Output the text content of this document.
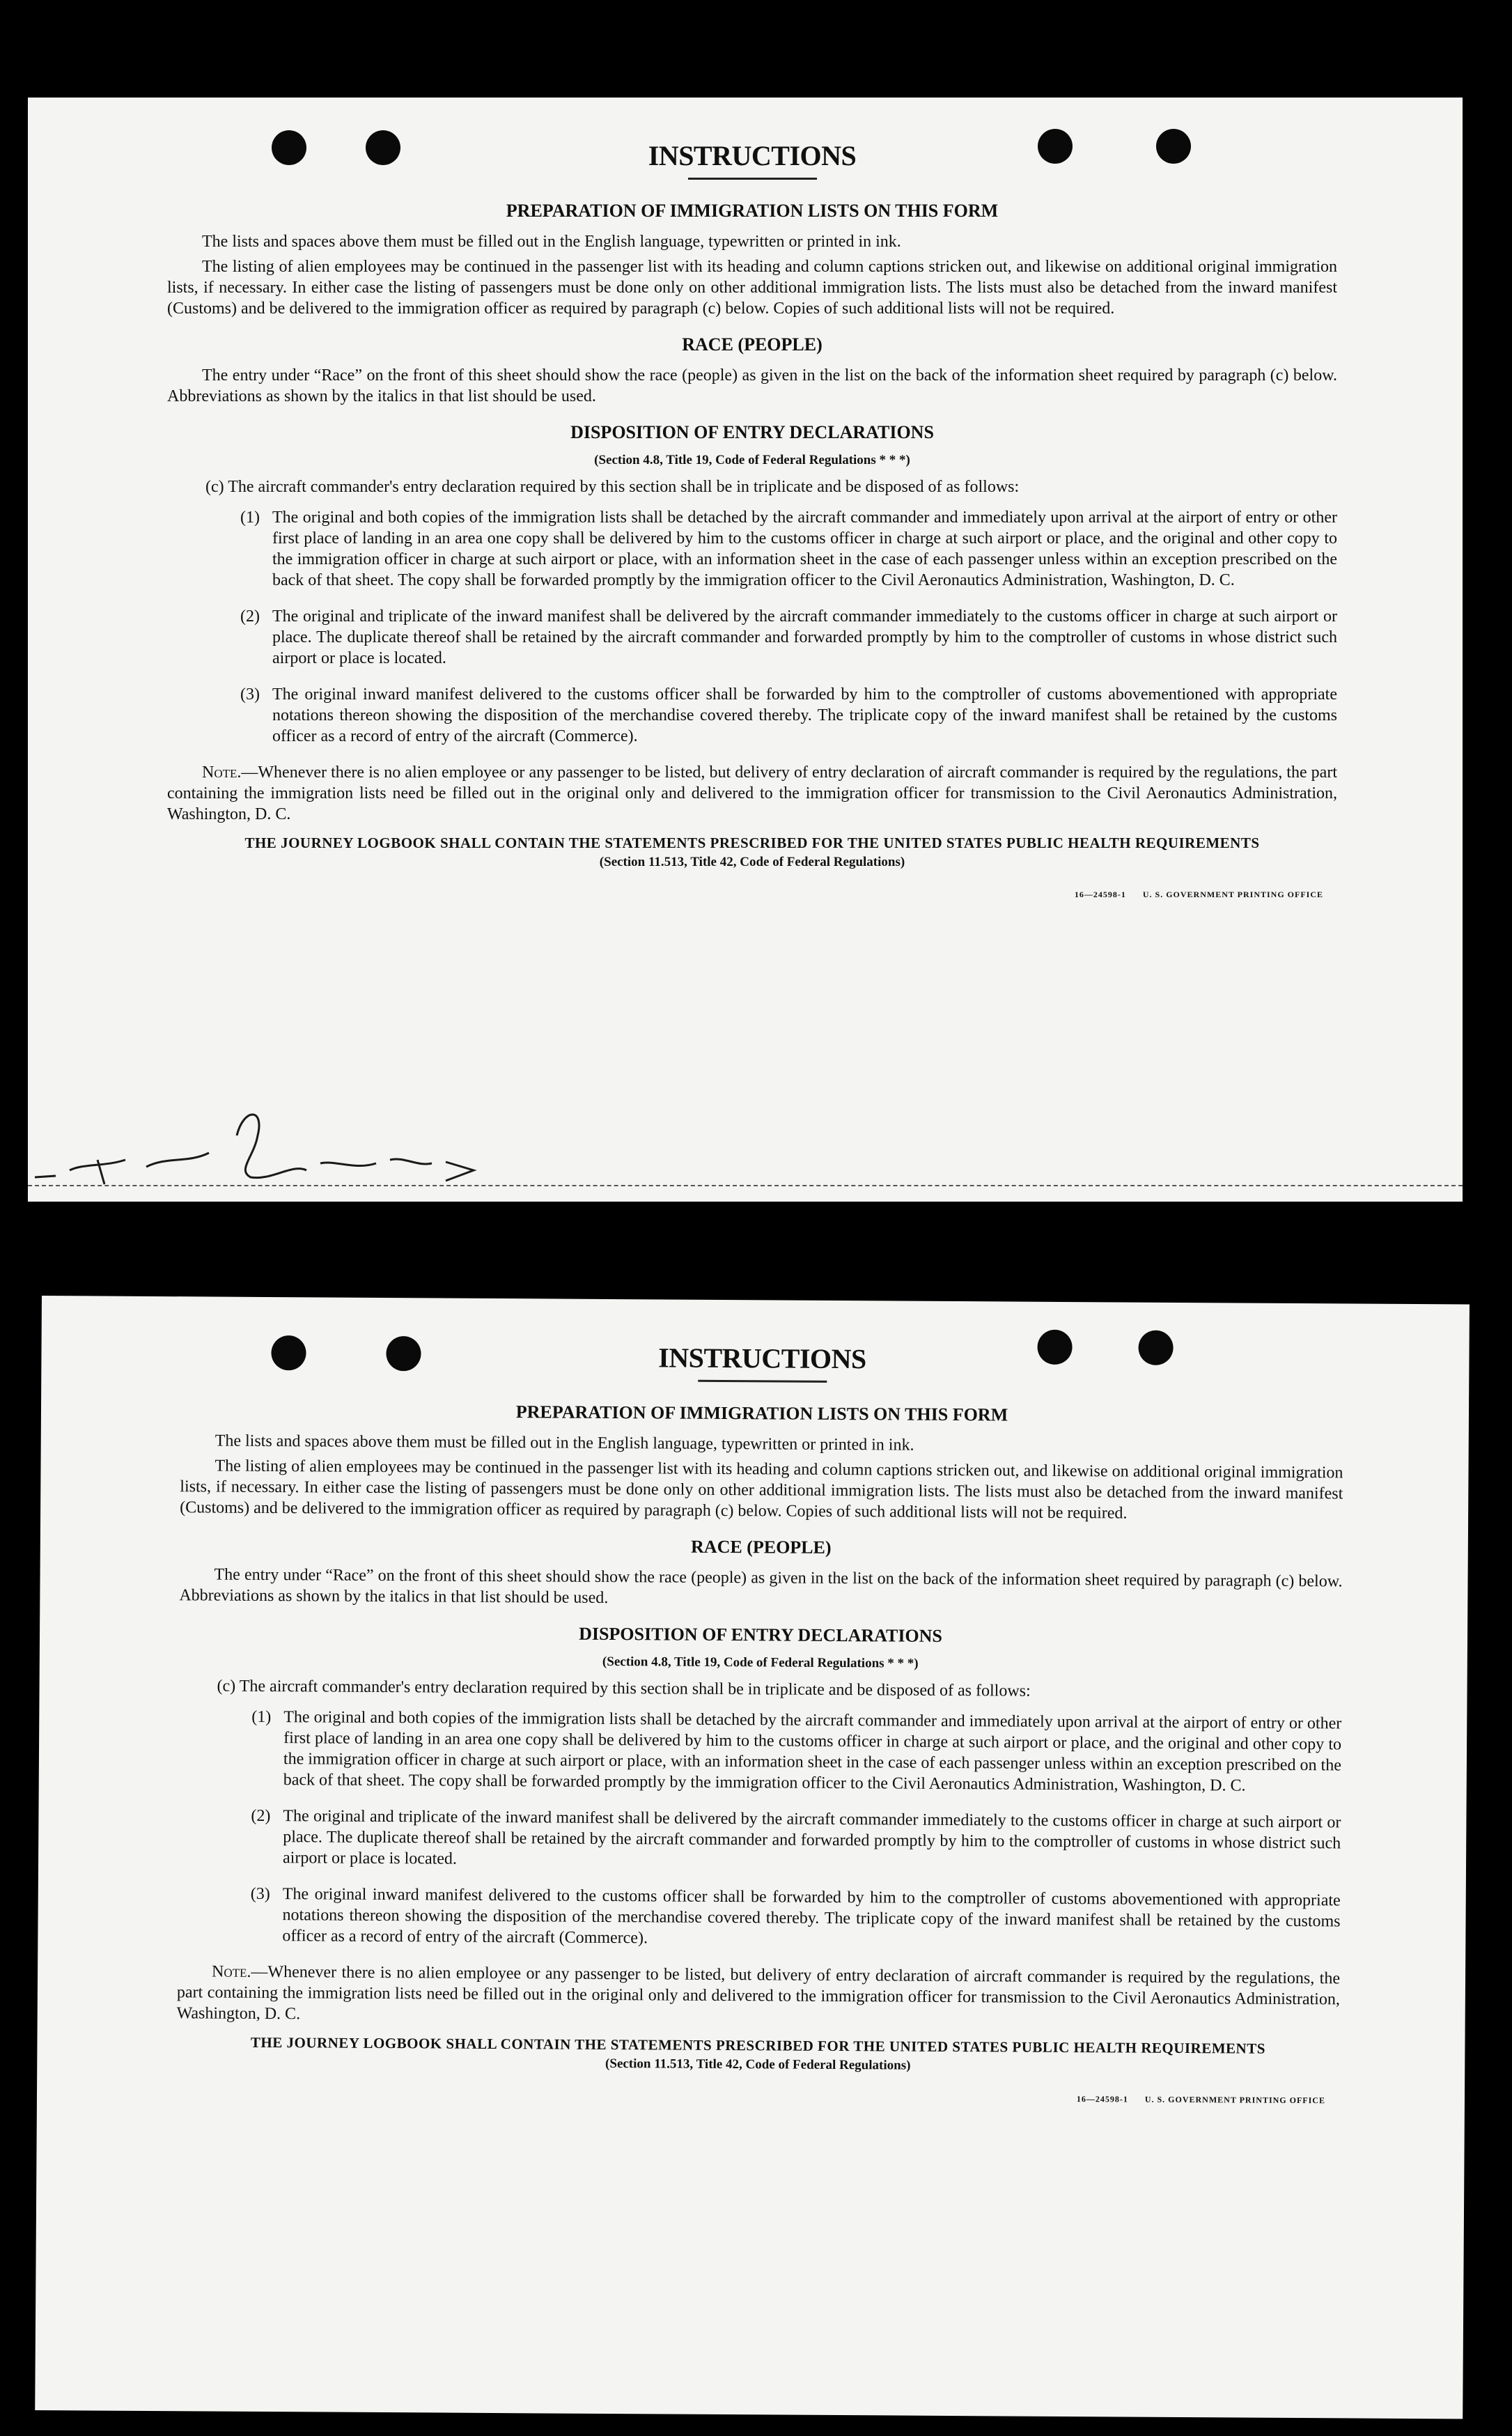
INSTRUCTIONS
PREPARATION OF IMMIGRATION LISTS ON THIS FORM

The lists and spaces above them must be filled out in the English language, typewritten or printed in ink.

The listing of alien employees may be continued in the passenger list with its heading and column captions stricken out, and likewise on additional original immigration lists, if necessary. In either case the listing of passengers must be done only on other additional immigration lists. The lists must also be detached from the inward manifest (Customs) and be delivered to the immigration officer as required by paragraph (c) below. Copies of such additional lists will not be required.

RACE (PEOPLE)

The entry under “Race” on the front of this sheet should show the race (people) as given in the list on the back of the information sheet required by paragraph (c) below. Abbreviations as shown by the italics in that list should be used.

DISPOSITION OF ENTRY DECLARATIONS
(Section 4.8, Title 19, Code of Federal Regulations * * *)

(c) The aircraft commander's entry declaration required by this section shall be in triplicate and be disposed of as follows:

(1) The original and both copies of the immigration lists shall be detached by the aircraft commander and immediately upon arrival at the airport of entry or other first place of landing in an area one copy shall be delivered by him to the customs officer in charge at such airport or place, and the original and other copy to the immigration officer in charge at such airport or place, with an information sheet in the case of each passenger unless within an exception prescribed on the back of that sheet. The copy shall be forwarded promptly by the immigration officer to the Civil Aeronautics Administration, Washington, D. C.
(2) The original and triplicate of the inward manifest shall be delivered by the aircraft commander immediately to the customs officer in charge at such airport or place. The duplicate thereof shall be retained by the aircraft commander and forwarded promptly by him to the comptroller of customs in whose district such airport or place is located.
(3) The original inward manifest delivered to the customs officer shall be forwarded by him to the comptroller of customs abovementioned with appropriate notations thereon showing the disposition of the merchandise covered thereby. The triplicate copy of the inward manifest shall be retained by the customs officer as a record of entry of the aircraft (Commerce).

Note.—Whenever there is no alien employee or any passenger to be listed, but delivery of entry declaration of aircraft commander is required by the regulations, the part containing the immigration lists need be filled out in the original only and delivered to the immigration officer for transmission to the Civil Aeronautics Administration, Washington, D. C.

THE JOURNEY LOGBOOK SHALL CONTAIN THE STATEMENTS PRESCRIBED FOR THE UNITED STATES PUBLIC HEALTH REQUIREMENTS
(Section 11.513, Title 42, Code of Federal Regulations)
16—24598-1 U. S. GOVERNMENT PRINTING OFFICE
INSTRUCTIONS
PREPARATION OF IMMIGRATION LISTS ON THIS FORM

The lists and spaces above them must be filled out in the English language, typewritten or printed in ink.

The listing of alien employees may be continued in the passenger list with its heading and column captions stricken out, and likewise on additional original immigration lists, if necessary. In either case the listing of passengers must be done only on other additional immigration lists. The lists must also be detached from the inward manifest (Customs) and be delivered to the immigration officer as required by paragraph (c) below. Copies of such additional lists will not be required.

RACE (PEOPLE)

The entry under “Race” on the front of this sheet should show the race (people) as given in the list on the back of the information sheet required by paragraph (c) below. Abbreviations as shown by the italics in that list should be used.

DISPOSITION OF ENTRY DECLARATIONS
(Section 4.8, Title 19, Code of Federal Regulations * * *)

(c) The aircraft commander's entry declaration required by this section shall be in triplicate and be disposed of as follows:

(1) The original and both copies of the immigration lists shall be detached by the aircraft commander and immediately upon arrival at the airport of entry or other first place of landing in an area one copy shall be delivered by him to the customs officer in charge at such airport or place, and the original and other copy to the immigration officer in charge at such airport or place, with an information sheet in the case of each passenger unless within an exception prescribed on the back of that sheet. The copy shall be forwarded promptly by the immigration officer to the Civil Aeronautics Administration, Washington, D. C.
(2) The original and triplicate of the inward manifest shall be delivered by the aircraft commander immediately to the customs officer in charge at such airport or place. The duplicate thereof shall be retained by the aircraft commander and forwarded promptly by him to the comptroller of customs in whose district such airport or place is located.
(3) The original inward manifest delivered to the customs officer shall be forwarded by him to the comptroller of customs abovementioned with appropriate notations thereon showing the disposition of the merchandise covered thereby. The triplicate copy of the inward manifest shall be retained by the customs officer as a record of entry of the aircraft (Commerce).

Note.—Whenever there is no alien employee or any passenger to be listed, but delivery of entry declaration of aircraft commander is required by the regulations, the part containing the immigration lists need be filled out in the original only and delivered to the immigration officer for transmission to the Civil Aeronautics Administration, Washington, D. C.

THE JOURNEY LOGBOOK SHALL CONTAIN THE STATEMENTS PRESCRIBED FOR THE UNITED STATES PUBLIC HEALTH REQUIREMENTS
(Section 11.513, Title 42, Code of Federal Regulations)
16—24598-1 U. S. GOVERNMENT PRINTING OFFICE
